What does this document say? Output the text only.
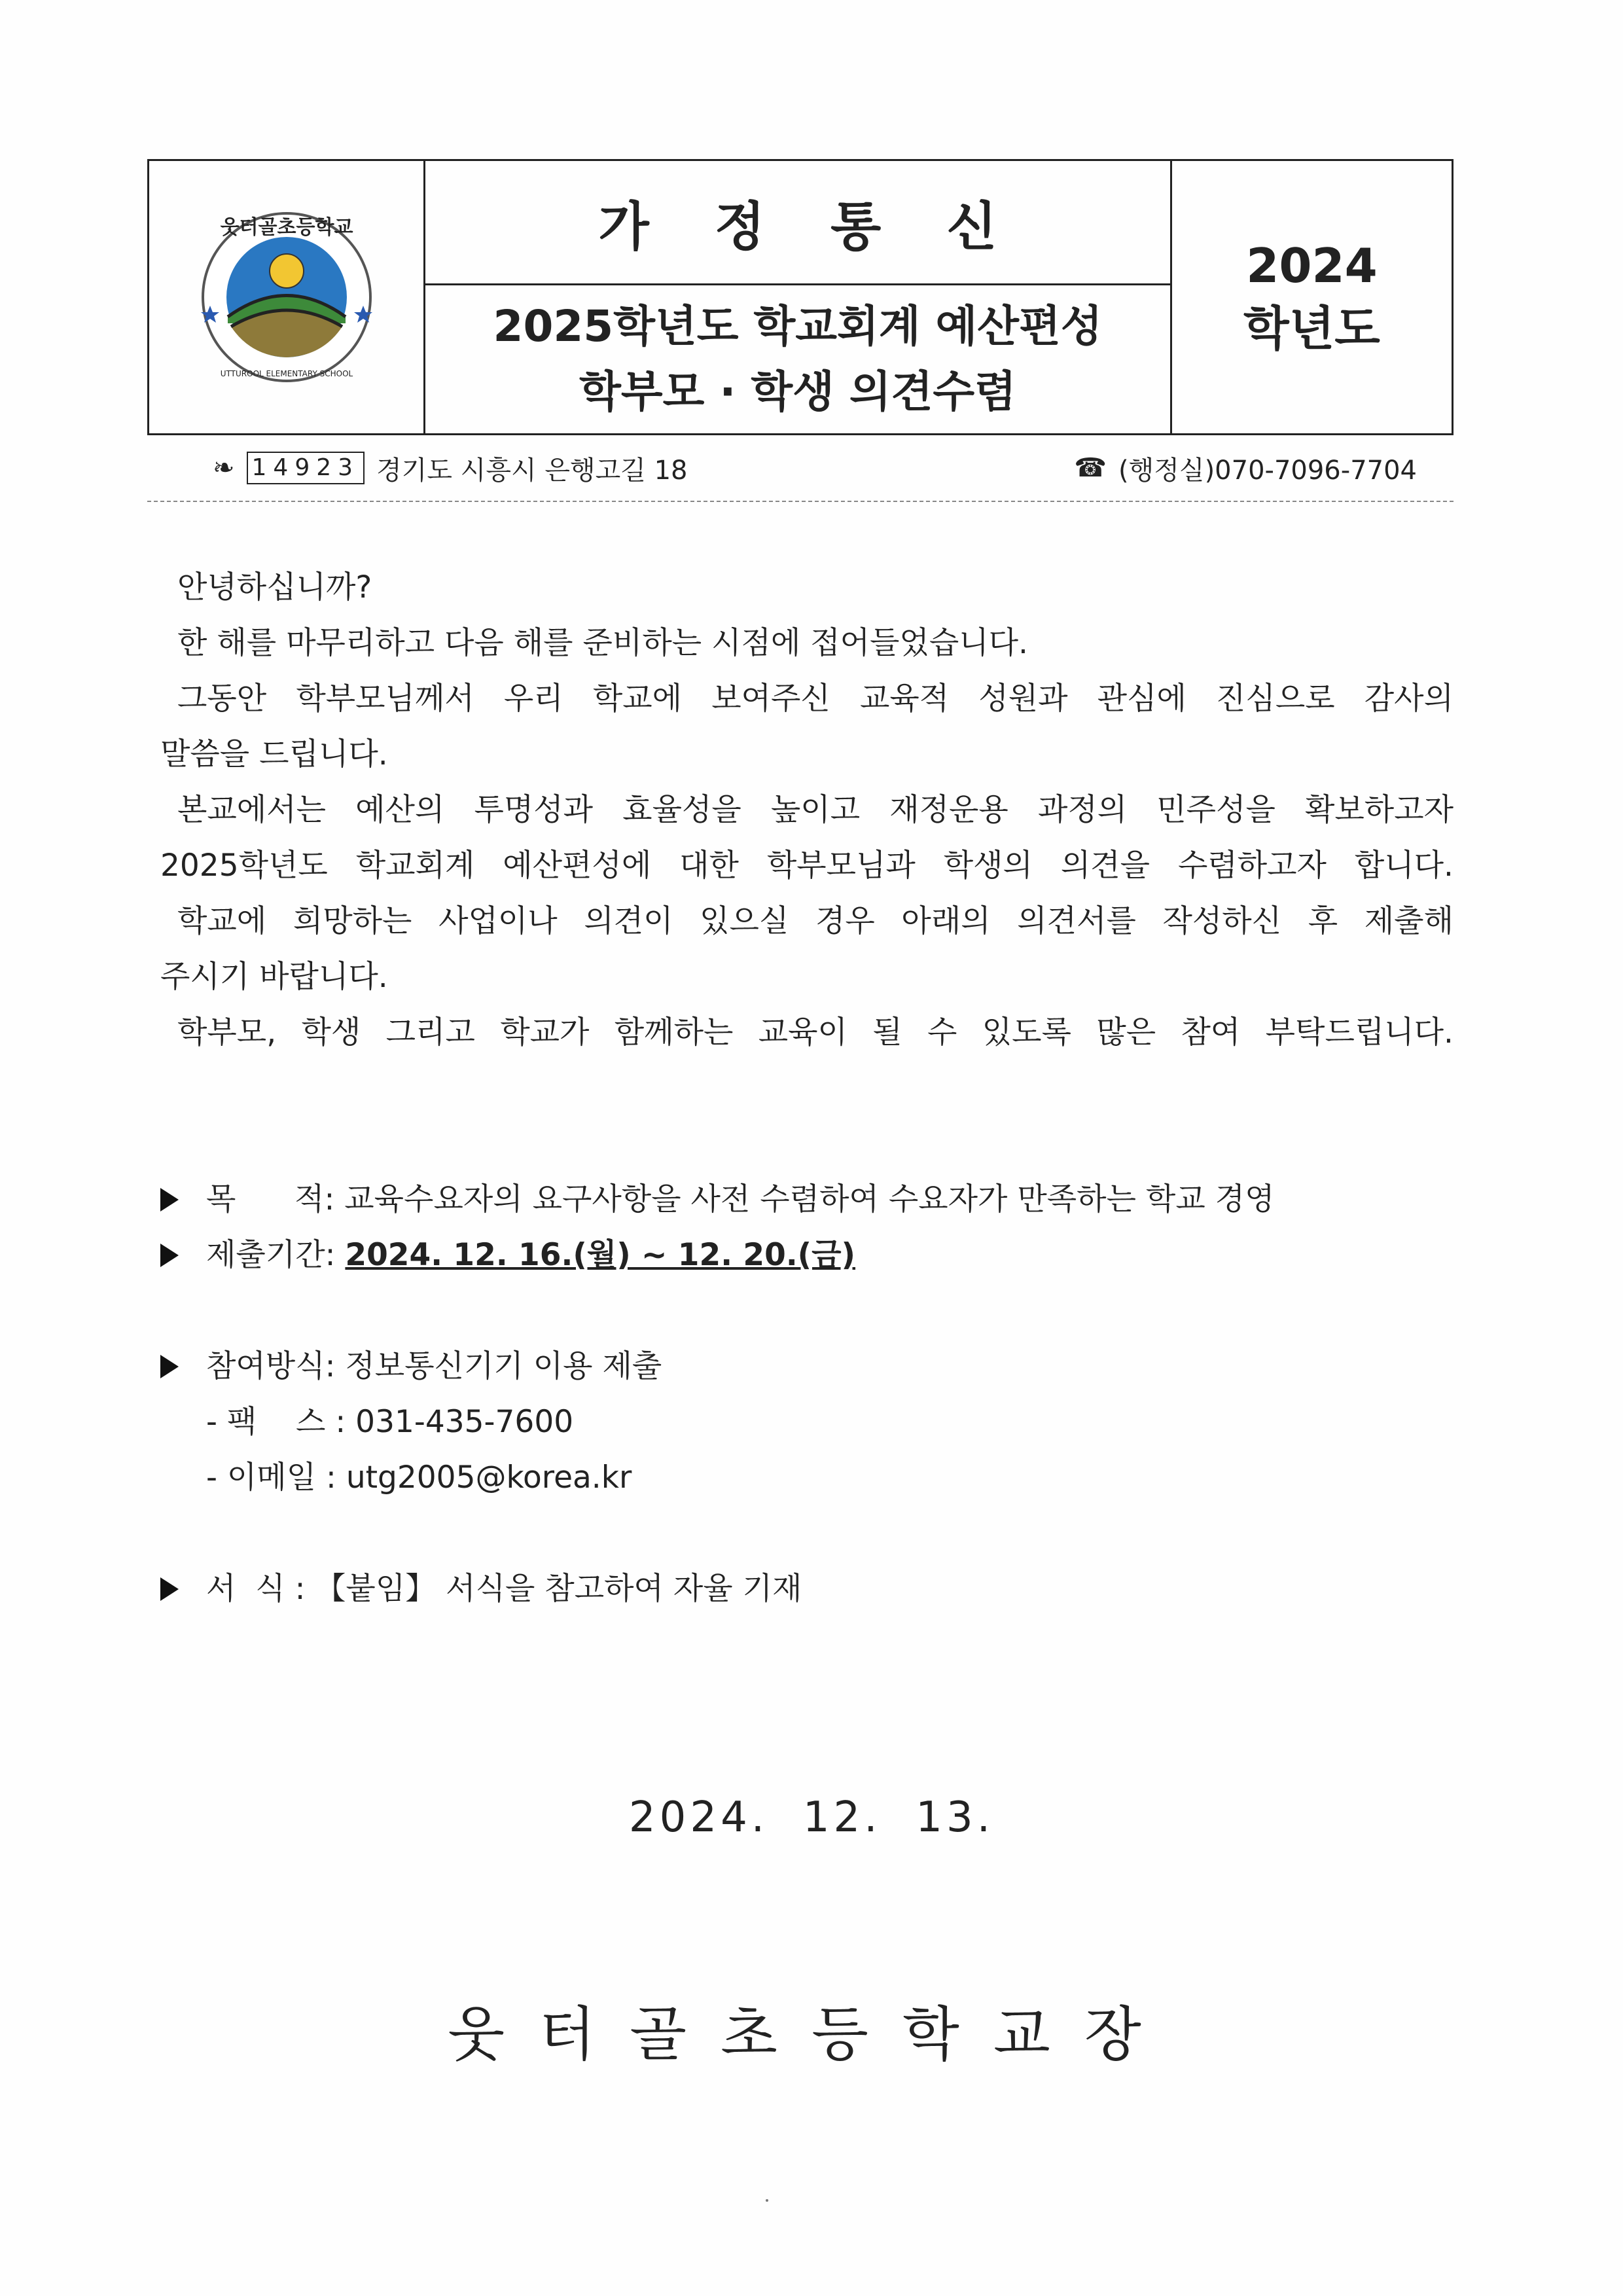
웃터골초등학교
UTTUROOL ELEMENTARY SCHOOL
가정통신
2025학년도 학교회계 예산편성
학부모 · 학생 의견수렴
2024
학년도
❧ 14923 경기도 시흥시 은행고길 18	☎ (행정실)070-7096-7704

안녕하십니까?

한 해를 마무리하고 다음 해를 준비하는 시점에 접어들었습니다.

그동안 학부모님께서 우리 학교에 보여주신 교육적 성원과 관심에 진심으로 감사의

말씀을 드립니다.

본교에서는 예산의 투명성과 효율성을 높이고 재정운용 과정의 민주성을 확보하고자

2025학년도 학교회계 예산편성에 대한 학부모님과 학생의 의견을 수렴하고자 합니다.

학교에 희망하는 사업이나 의견이 있으실 경우 아래의 의견서를 작성하신 후 제출해

주시기 바랍니다.

학부모, 학생 그리고 학교가 함께하는 교육이 될 수 있도록 많은 참여 부탁드립니다.

목      적:
교육수요자의 요구사항을 사전 수렴하여 수요자가 만족하는 학교 경영
제출기간:
2024. 12. 16.(월) ~ 12. 20.(금)
참여방식:
정보통신기기 이용 제출
- 팩    스 : 031-435-7600
- 이메일 : utg2005@korea.kr
서  식 :
【붙임】 서식을 참고하여 자율 기재
2024.  12.  13.
웃터골초등학교장
